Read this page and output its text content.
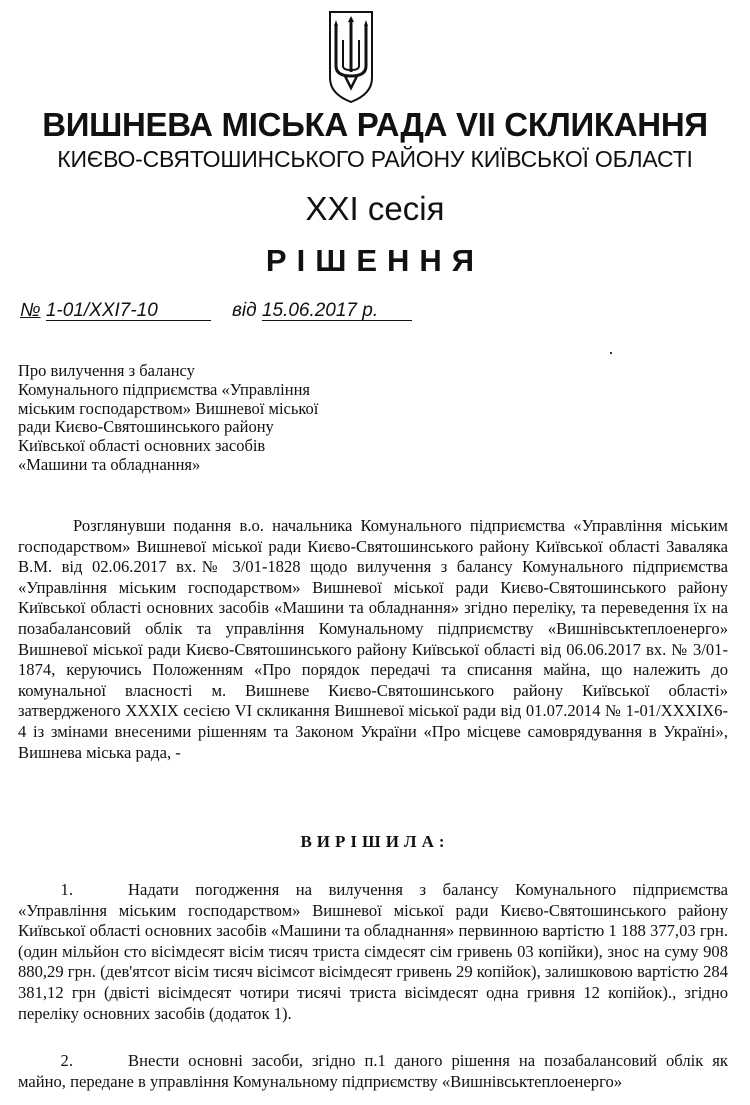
ВИШНЕВА МІСЬКА РАДА VII СКЛИКАННЯ
КИЄВО-СВЯТОШИНСЬКОГО РАЙОНУ КИЇВСЬКОЇ ОБЛАСТІ
XXI сесія
РІШЕННЯ
№ 1-01/XXI7-10	від 15.06.2017 р.
Про вилучення з балансу
Комунального підприємства «Управління
міським господарством» Вишневої міської
ради Києво-Святошинського району
Київської області основних засобів
«Машини та обладнання»

Розглянувши подання в.о. начальника Комунального підприємства «Управління міським господарством» Вишневої міської ради Києво-Святошинського району Київської області Заваляка В.М. від 02.06.2017 вх.№ 3/01-1828 щодо вилучення з балансу Комунального підприємства «Управління міським господарством» Вишневої міської ради Києво-Святошинського району Київської області основних засобів «Машини та обладнання» згідно переліку, та переведення їх на позабалансовий облік та управління Комунальному підприємству «Вишнівськтеплоенерго» Вишневої міської ради Києво-Святошинського району Київської області від 06.06.2017 вх. № 3/01-1874, керуючись Положенням «Про порядок передачі та списання майна, що належить до комунальної власності м. Вишневе Києво-Святошинського району Київської області» затвердженого XXXIX сесією VI скликання Вишневої міської ради від 01.07.2014 № 1-01/XXXIX6-4 із змінами внесеними рішенням та Законом України «Про місцеве самоврядування в Україні», Вишнева міська рада, -

ВИРІШИЛА:

1.	Надати погодження на вилучення з балансу Комунального підприємства «Управління міським господарством» Вишневої міської ради Києво-Святошинського району Київської області основних засобів «Машини та обладнання» первинною вартістю 1 188 377,03 грн. (один мільйон сто вісімдесят вісім тисяч триста сімдесят сім гривень 03 копійки), знос на суму 908 880,29 грн. (дев'ятсот вісім тисяч вісімсот вісімдесят гривень 29 копійок), залишковою вартістю 284 381,12 грн (двісті вісімдесят чотири тисячі триста вісімдесят одна гривня 12 копійок)., згідно переліку основних засобів (додаток 1).

2.	Внести основні засоби, згідно п.1 даного рішення на позабалансовий облік як майно, передане в управління Комунальному підприємству «Вишнівськтеплоенерго»
